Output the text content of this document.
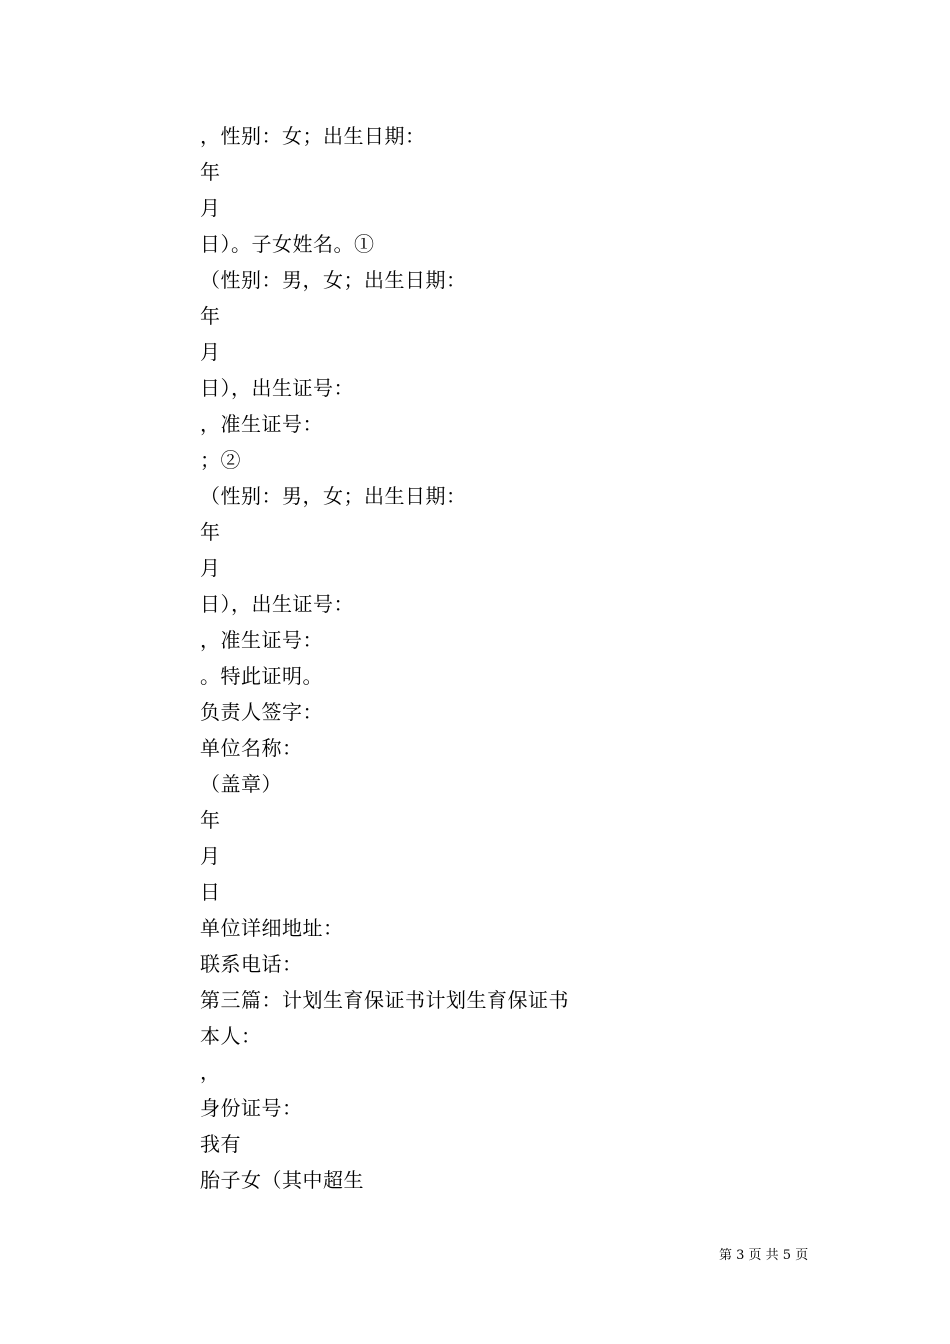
，性别：女；出生日期：
年
月
日）。子女姓名。①
（性别：男，女；出生日期：
年
月
日），出生证号：
，准生证号：
；②
（性别：男，女；出生日期：
年
月
日），出生证号：
，准生证号：
。特此证明。
负责人签字：
单位名称：
（盖章）
年
月
日
单位详细地址：
联系电话：
第三篇：计划生育保证书计划生育保证书
本人：
，
身份证号：
我有
胎子女（其中超生
第 3 页 共 5 页
